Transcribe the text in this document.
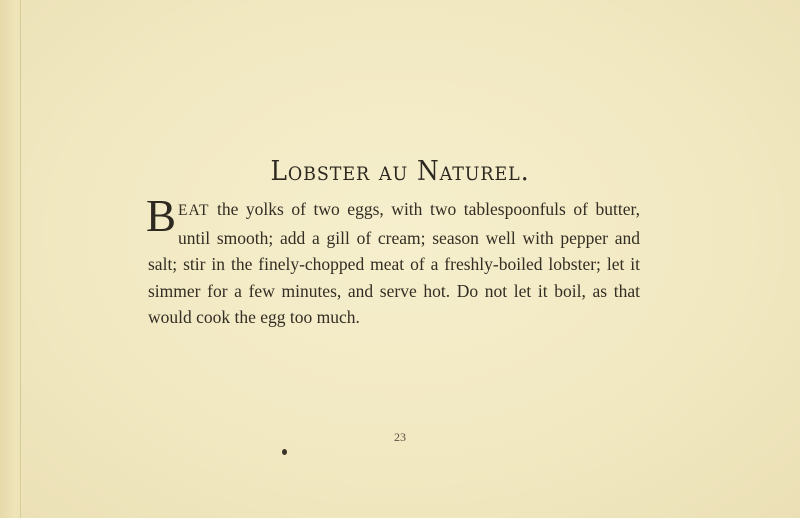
Lobster au Naturel.

BEAT the yolks of two eggs, with two tablespoonfuls of butter, until smooth; add a gill of cream; season well with pepper and salt; stir in the finely-chopped meat of a freshly-boiled lobster; let it simmer for a few minutes, and serve hot. Do not let it boil, as that would cook the egg too much.

23
